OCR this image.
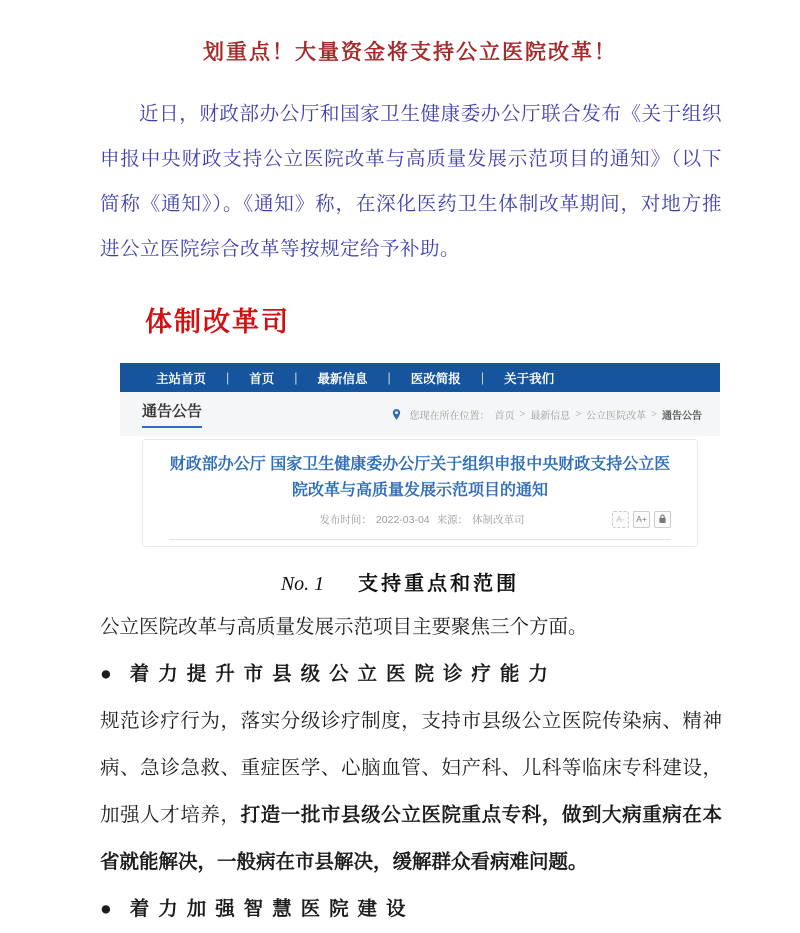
划重点！大量资金将支持公立医院改革！

近日，财政部办公厅和国家卫生健康委办公厅联合发布《关于组织申报中央财政支持公立医院改革与高质量发展示范项目的通知》（以下简称《通知》）。《通知》称，在深化医药卫生体制改革期间，对地方推进公立医院综合改革等按规定给予补助。

体制改革司
主站首页	|	首页	|	最新信息	|	医改简报	|	关于我们
通告公告	您现在所在位置： 首页 > 最新信息 > 公立医院改革 > 通告公告
财政部办公厅 国家卫生健康委办公厅关于组织申报中央财政支持公立医院改革与高质量发展示范项目的通知
发布时间： 2022-03-04 来源： 体制改革司	A-	A+
No. 1 支持重点和范围

公立医院改革与高质量发展示范项目主要聚焦三个方面。

● 着力提升市县级公立医院诊疗能力

规范诊疗行为，落实分级诊疗制度，支持市县级公立医院传染病、精神病、急诊急救、重症医学、心脑血管、妇产科、儿科等临床专科建设，加强人才培养，打造一批市县级公立医院重点专科，做到大病重病在本省就能解决，一般病在市县解决，缓解群众看病难问题。

● 着力加强智慧医院建设
